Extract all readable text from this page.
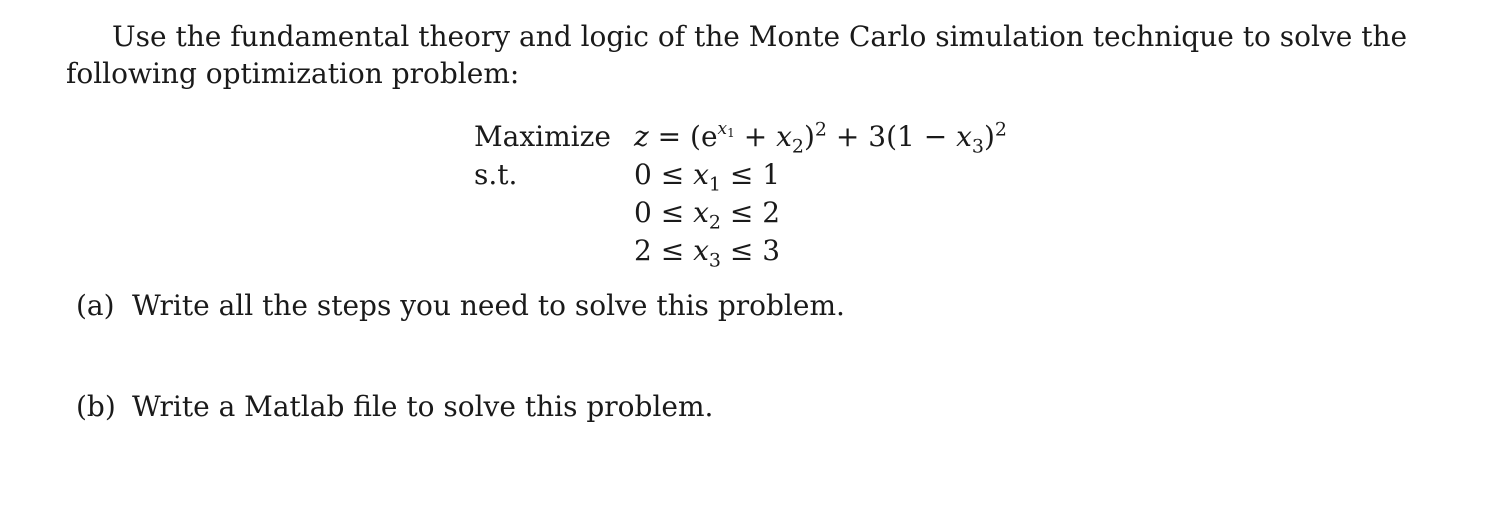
Use the fundamental theory and logic of the Monte Carlo simulation technique to solve the following optimization problem:

Maximize $z = (e^{x1} + x_2)^2 + 3(1 - x_3)^2$
s.t.	$0 \le x_1 \le 1$
$0 \le x_2 \le 2$
$2 \le x_3 \le 3$
(a) Write all the steps you need to solve this problem.
(b) Write a Matlab file to solve this problem.
